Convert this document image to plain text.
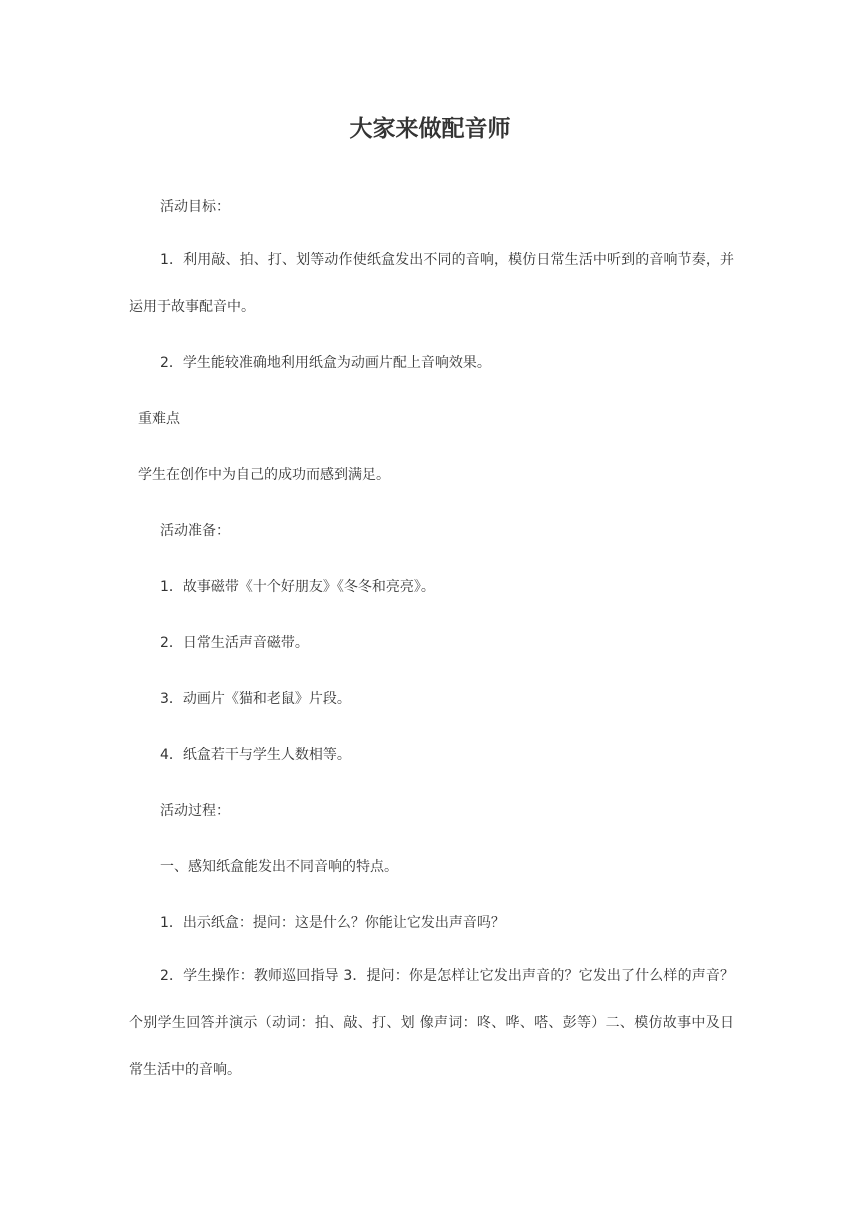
大家来做配音师
活动目标：
1．利用敲、拍、打、划等动作使纸盒发出不同的音响，模仿日常生活中听到的音响节奏，并运用于故事配音中。
2．学生能较准确地利用纸盒为动画片配上音响效果。
重难点
学生在创作中为自己的成功而感到满足。
活动准备：
1．故事磁带《十个好朋友》《冬冬和亮亮》。
2．日常生活声音磁带。
3．动画片《猫和老鼠》片段。
4．纸盒若干与学生人数相等。
活动过程：
一、感知纸盒能发出不同音响的特点。
1．出示纸盒：提问：这是什么？你能让它发出声音吗？
2．学生操作：教师巡回指导 3．提问：你是怎样让它发出声音的？它发出了什么样的声音？个别学生回答并演示（动词：拍、敲、打、划 像声词：咚、哗、嗒、彭等）二、模仿故事中及日常生活中的音响。
